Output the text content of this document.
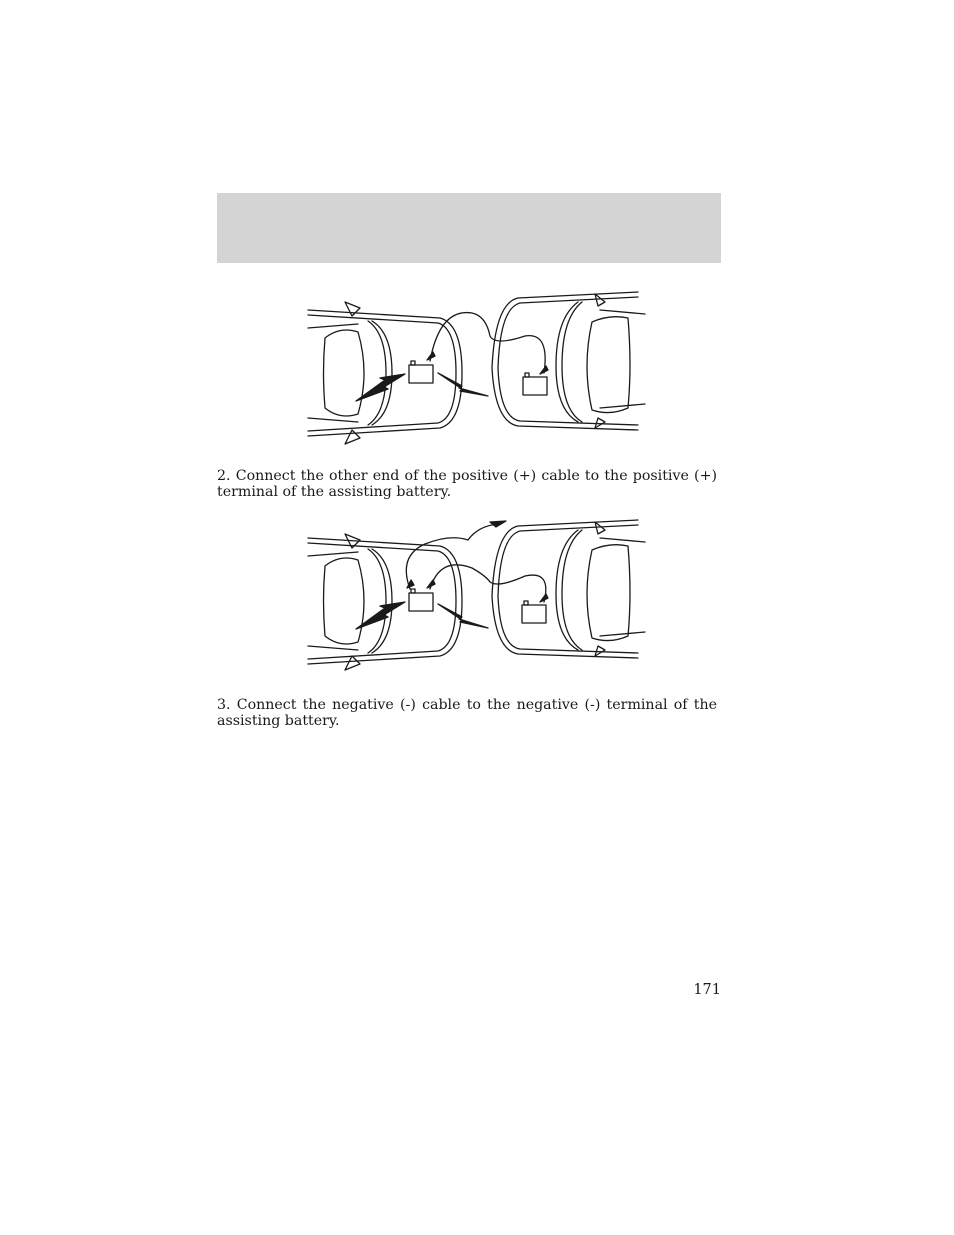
2. Connect the other end of the positive (+) cable to the positive (+) terminal of the assisting battery.

3. Connect the negative (-) cable to the negative (-) terminal of the assisting battery.

171
